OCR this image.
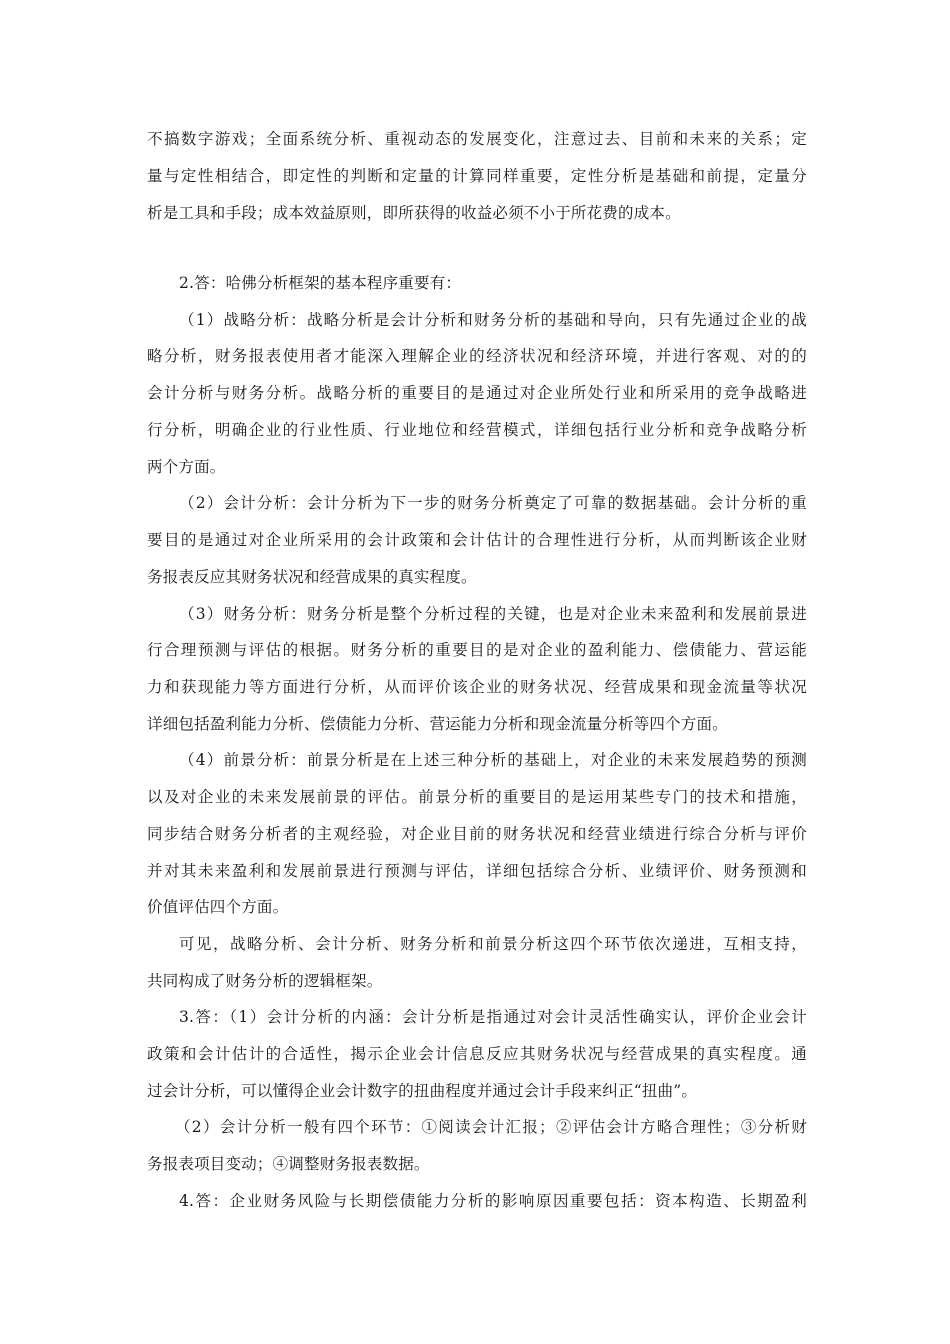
不搞数字游戏；全面系统分析、重视动态的发展变化，注意过去、目前和未来的关系；定
量与定性相结合，即定性的判断和定量的计算同样重要，定性分析是基础和前提，定量分
析是工具和手段；成本效益原则，即所获得的收益必须不小于所花费的成本。
2.答：哈佛分析框架的基本程序重要有：
（1）战略分析：战略分析是会计分析和财务分析的基础和导向，只有先通过企业的战
略分析，财务报表使用者才能深入理解企业的经济状况和经济环境，并进行客观、对的的
会计分析与财务分析。战略分析的重要目的是通过对企业所处行业和所采用的竞争战略进
行分析，明确企业的行业性质、行业地位和经营模式，详细包括行业分析和竞争战略分析
两个方面。
（2）会计分析：会计分析为下一步的财务分析奠定了可靠的数据基础。会计分析的重
要目的是通过对企业所采用的会计政策和会计估计的合理性进行分析，从而判断该企业财
务报表反应其财务状况和经营成果的真实程度。
（3）财务分析：财务分析是整个分析过程的关键，也是对企业未来盈利和发展前景进
行合理预测与评估的根据。财务分析的重要目的是对企业的盈利能力、偿债能力、营运能
力和获现能力等方面进行分析，从而评价该企业的财务状况、经营成果和现金流量等状况
详细包括盈利能力分析、偿债能力分析、营运能力分析和现金流量分析等四个方面。
（4）前景分析：前景分析是在上述三种分析的基础上，对企业的未来发展趋势的预测
以及对企业的未来发展前景的评估。前景分析的重要目的是运用某些专门的技术和措施，
同步结合财务分析者的主观经验，对企业目前的财务状况和经营业绩进行综合分析与评价
并对其未来盈利和发展前景进行预测与评估，详细包括综合分析、业绩评价、财务预测和
价值评估四个方面。
可见，战略分析、会计分析、财务分析和前景分析这四个环节依次递进，互相支持，
共同构成了财务分析的逻辑框架。
3.答：（1）会计分析的内涵：会计分析是指通过对会计灵活性确实认，评价企业会计
政策和会计估计的合适性，揭示企业会计信息反应其财务状况与经营成果的真实程度。通
过会计分析，可以懂得企业会计数字的扭曲程度并通过会计手段来纠正“扭曲”。
（2）会计分析一般有四个环节：①阅读会计汇报；②评估会计方略合理性；③分析财
务报表项目变动；④调整财务报表数据。
4.答：企业财务风险与长期偿债能力分析的影响原因重要包括：资本构造、长期盈利
